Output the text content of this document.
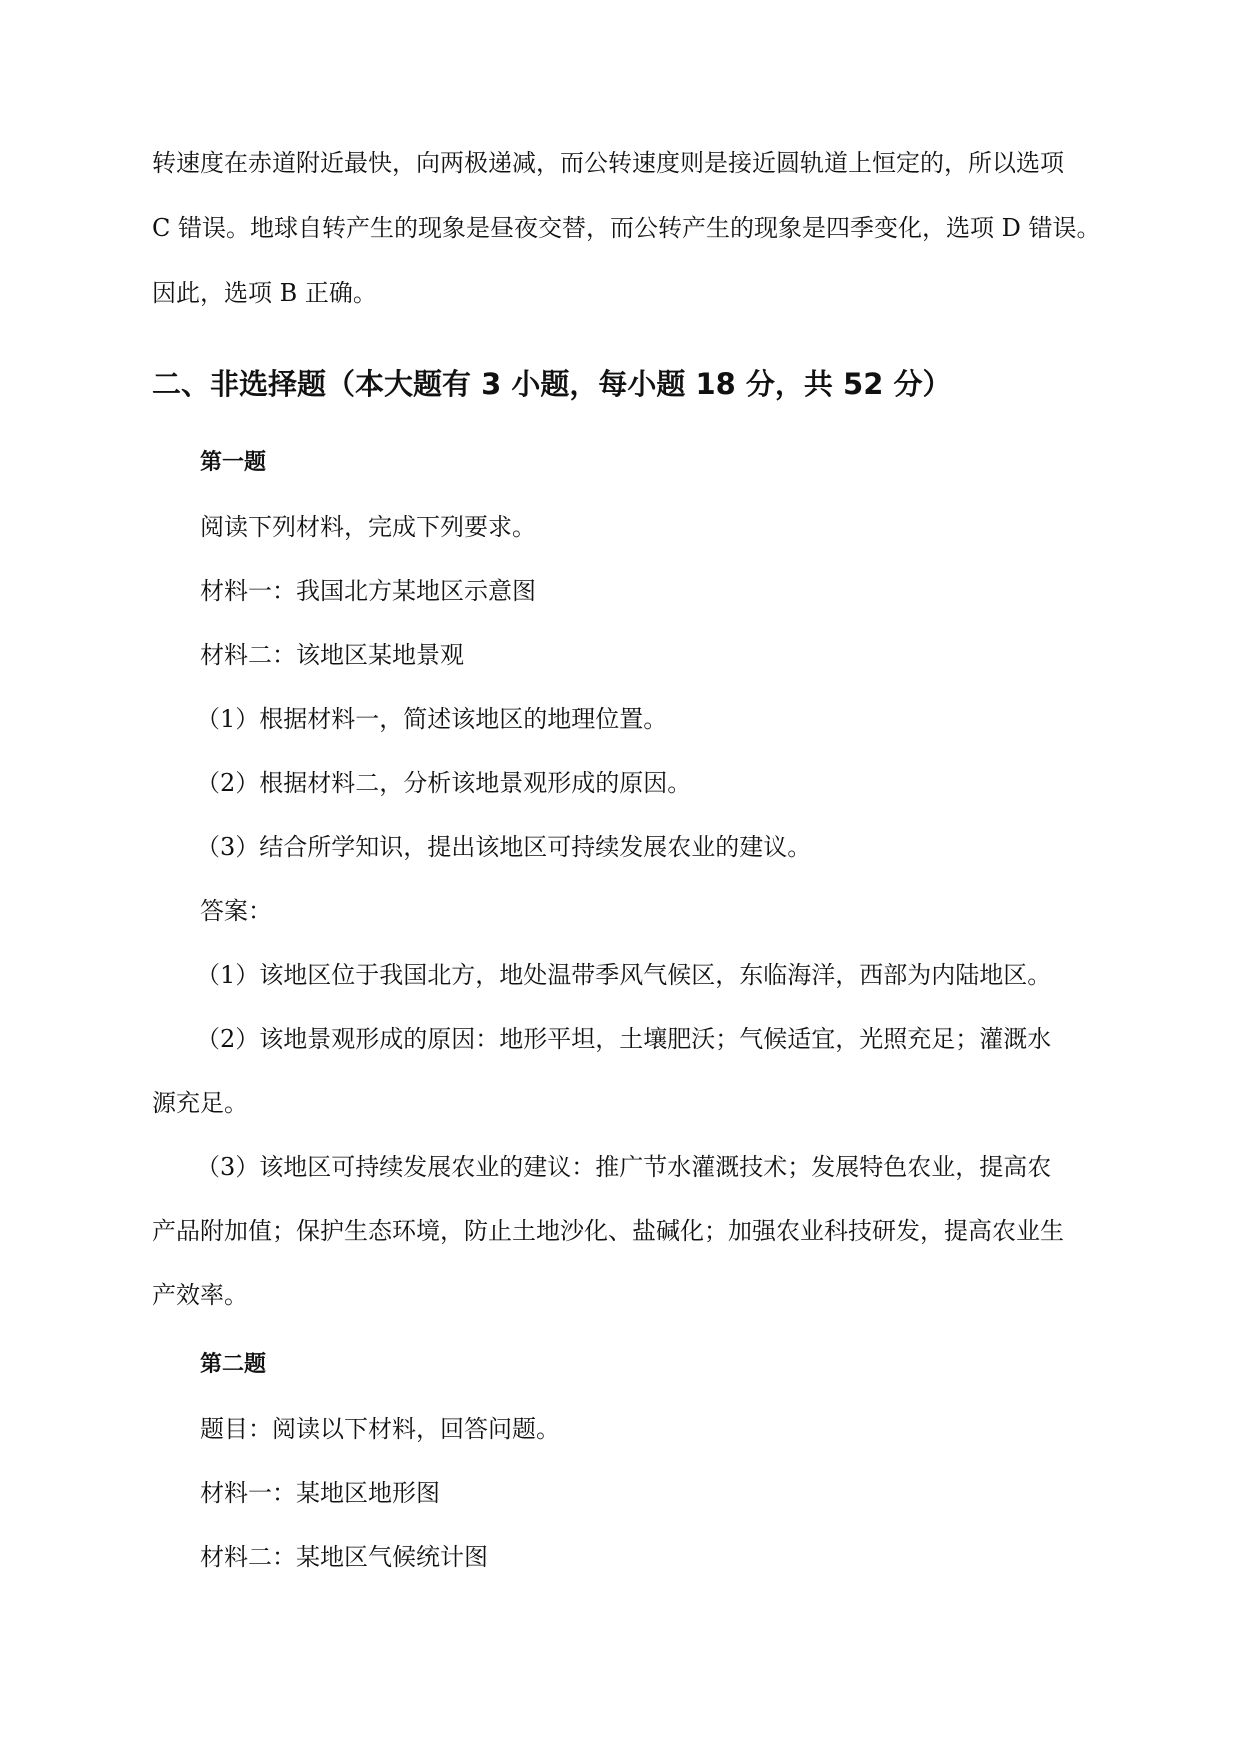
转速度在赤道附近最快，向两极递减，而公转速度则是接近圆轨道上恒定的，所以选项
C 错误。地球自转产生的现象是昼夜交替，而公转产生的现象是四季变化，选项 D 错误。
因此，选项 B 正确。
二、非选择题（本大题有 3 小题，每小题 18 分，共 52 分）
第一题
阅读下列材料，完成下列要求。
材料一：我国北方某地区示意图
材料二：该地区某地景观
（1）根据材料一，简述该地区的地理位置。
（2）根据材料二，分析该地景观形成的原因。
（3）结合所学知识，提出该地区可持续发展农业的建议。
答案：
（1）该地区位于我国北方，地处温带季风气候区，东临海洋，西部为内陆地区。
（2）该地景观形成的原因：地形平坦，土壤肥沃；气候适宜，光照充足；灌溉水
源充足。
（3）该地区可持续发展农业的建议：推广节水灌溉技术；发展特色农业，提高农
产品附加值；保护生态环境，防止土地沙化、盐碱化；加强农业科技研发，提高农业生
产效率。
第二题
题目：阅读以下材料，回答问题。
材料一：某地区地形图
材料二：某地区气候统计图
